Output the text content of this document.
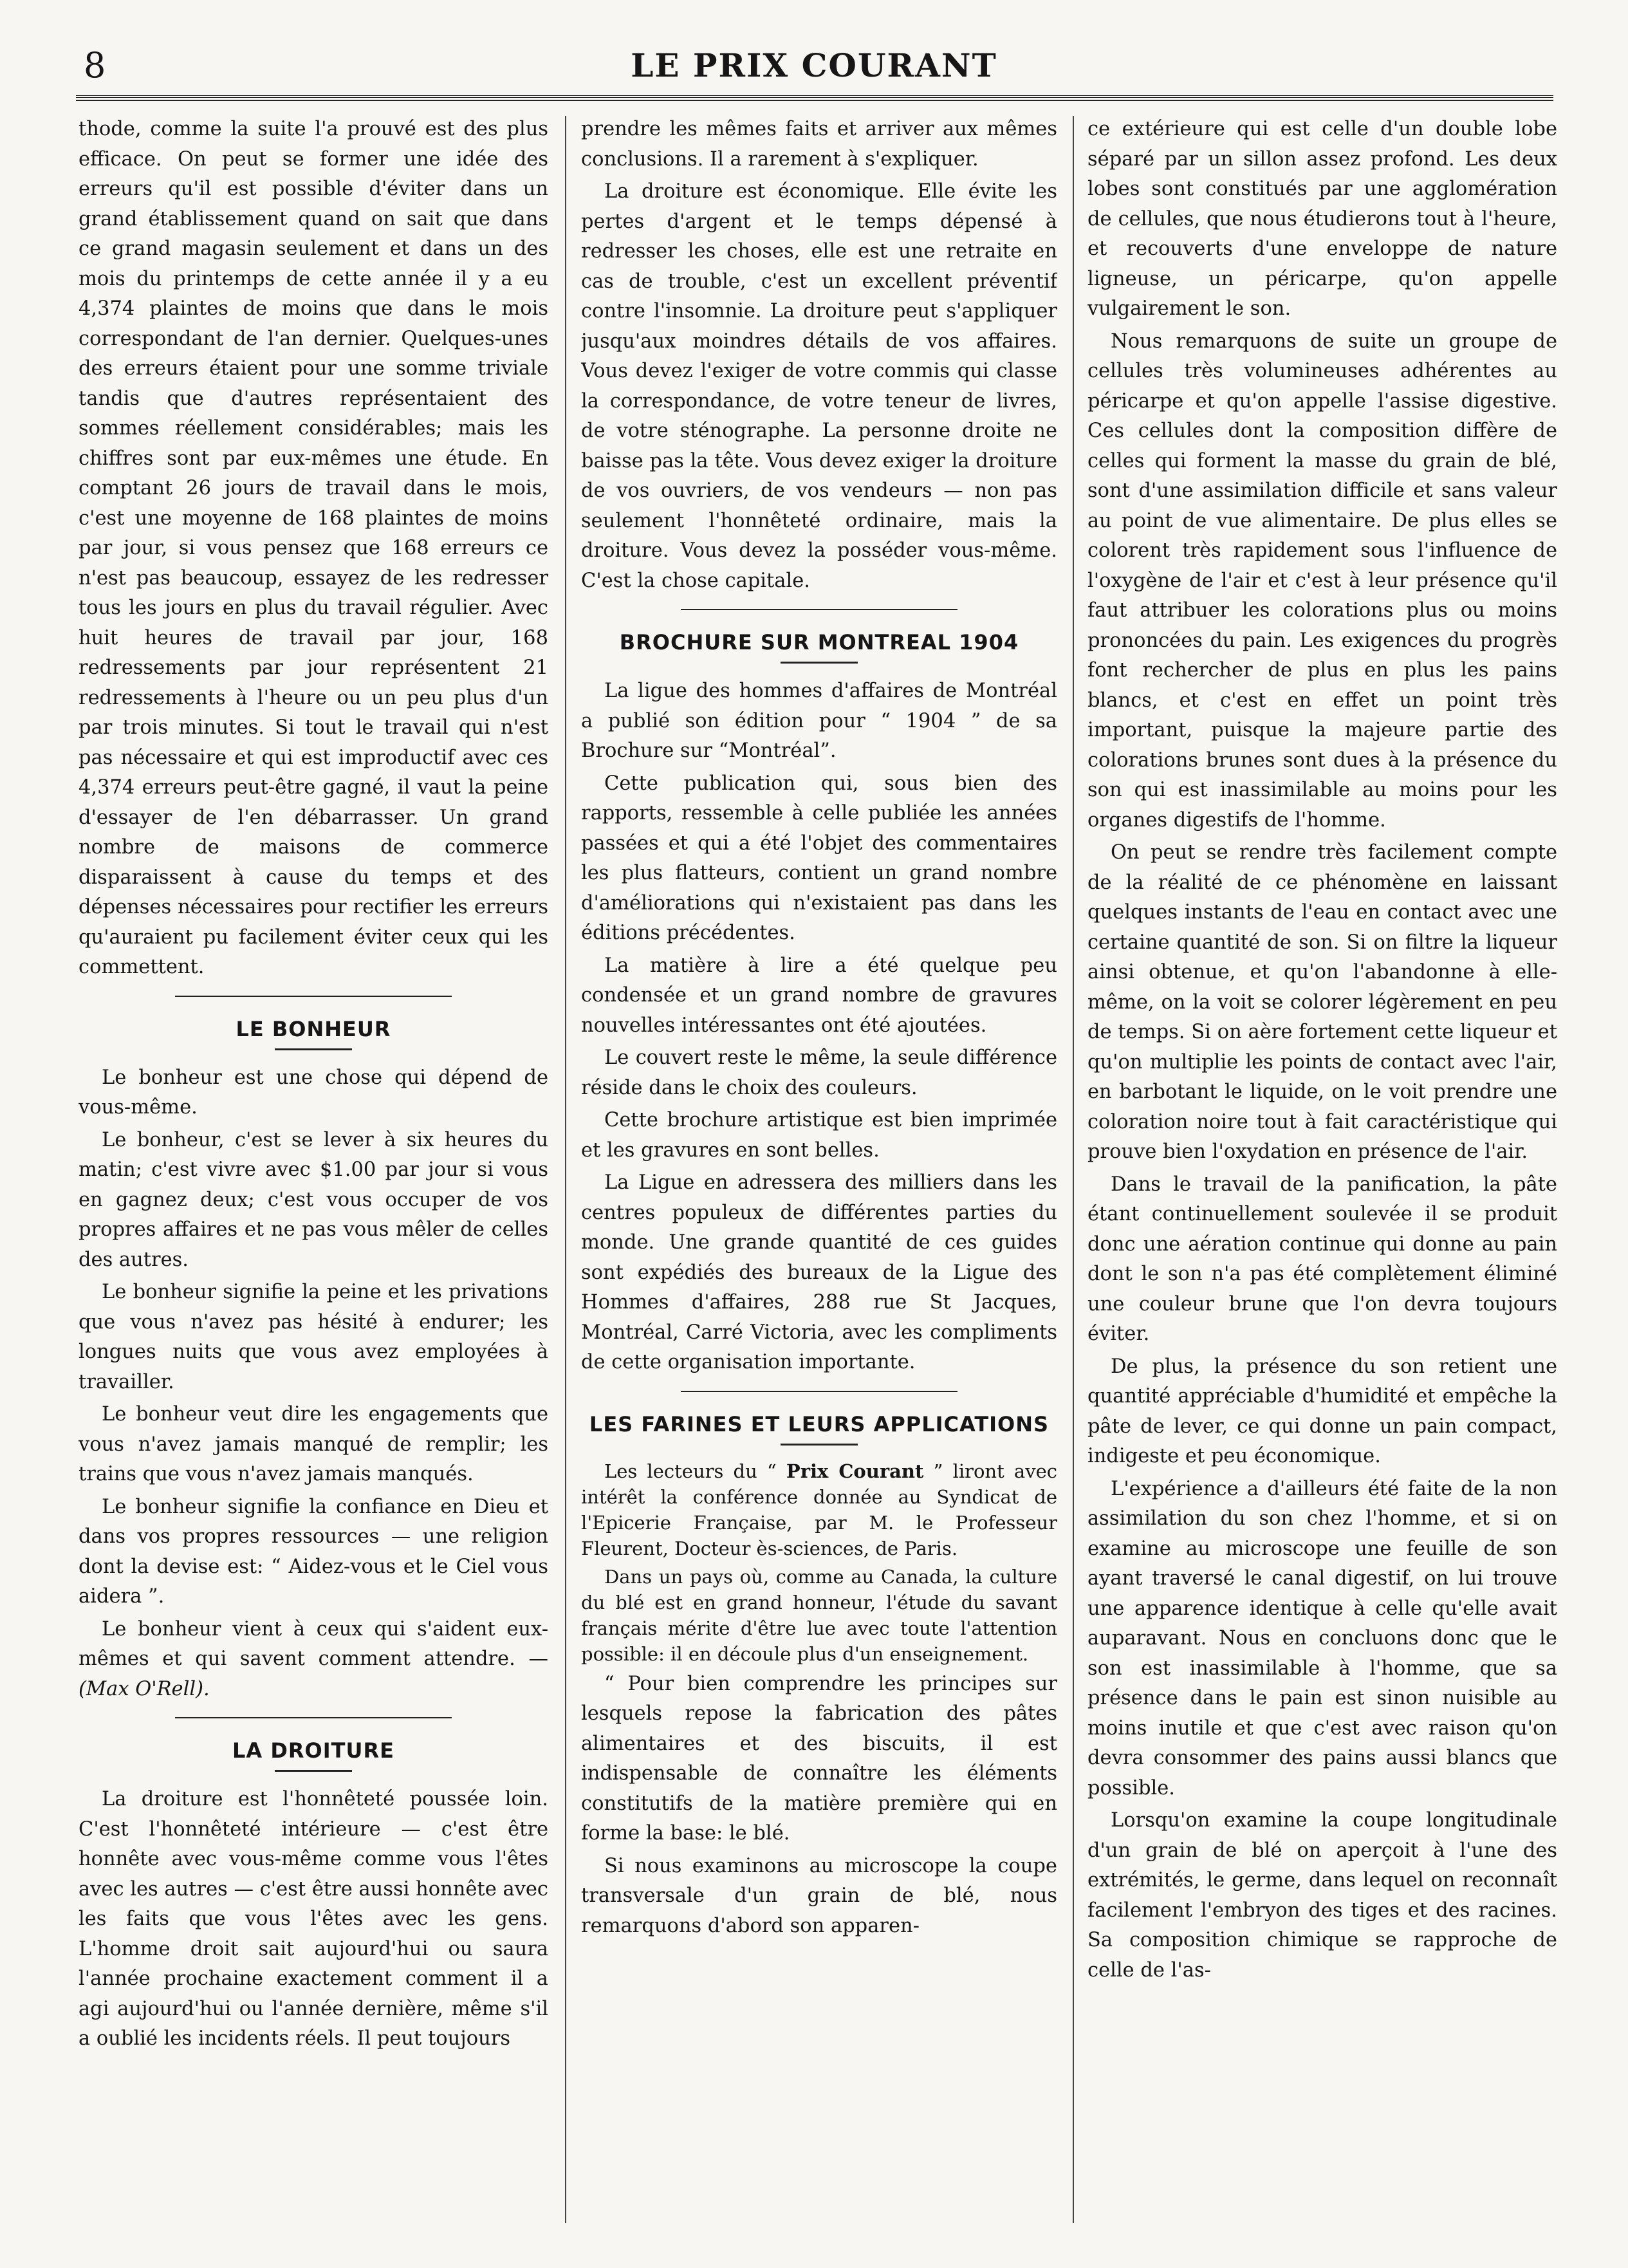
8	LE PRIX COURANT

thode, comme la suite l'a prouvé est des plus efficace. On peut se former une idée des erreurs qu'il est possible d'éviter dans un grand établissement quand on sait que dans ce grand magasin seulement et dans un des mois du printemps de cette année il y a eu 4,374 plaintes de moins que dans le mois correspondant de l'an dernier. Quelques-unes des erreurs étaient pour une somme triviale tandis que d'autres représentaient des sommes réellement considérables; mais les chiffres sont par eux-mêmes une étude. En comptant 26 jours de travail dans le mois, c'est une moyenne de 168 plaintes de moins par jour, si vous pensez que 168 erreurs ce n'est pas beaucoup, essayez de les redresser tous les jours en plus du travail régulier. Avec huit heures de travail par jour, 168 redressements par jour représentent 21 redressements à l'heure ou un peu plus d'un par trois minutes. Si tout le travail qui n'est pas nécessaire et qui est improductif avec ces 4,374 erreurs peut-être gagné, il vaut la peine d'essayer de l'en débarrasser. Un grand nombre de maisons de commerce disparaissent à cause du temps et des dépenses nécessaires pour rectifier les erreurs qu'auraient pu facilement éviter ceux qui les commettent.

LE BONHEUR

Le bonheur est une chose qui dépend de vous-même.

Le bonheur, c'est se lever à six heures du matin; c'est vivre avec $1.00 par jour si vous en gagnez deux; c'est vous occuper de vos propres affaires et ne pas vous mêler de celles des autres.

Le bonheur signifie la peine et les privations que vous n'avez pas hésité à endurer; les longues nuits que vous avez employées à travailler.

Le bonheur veut dire les engagements que vous n'avez jamais manqué de remplir; les trains que vous n'avez jamais manqués.

Le bonheur signifie la confiance en Dieu et dans vos propres ressources — une religion dont la devise est: “ Aidez-vous et le Ciel vous aidera ”.

Le bonheur vient à ceux qui s'aident eux-mêmes et qui savent comment attendre. — (Max O'Rell).

LA DROITURE

La droiture est l'honnêteté poussée loin. C'est l'honnêteté intérieure — c'est être honnête avec vous-même comme vous l'êtes avec les autres — c'est être aussi honnête avec les faits que vous l'êtes avec les gens. L'homme droit sait aujourd'hui ou saura l'année prochaine exactement comment il a agi aujourd'hui ou l'année dernière, même s'il a oublié les incidents réels. Il peut toujours

prendre les mêmes faits et arriver aux mêmes conclusions. Il a rarement à s'expliquer.

La droiture est économique. Elle évite les pertes d'argent et le temps dépensé à redresser les choses, elle est une retraite en cas de trouble, c'est un excellent préventif contre l'insomnie. La droiture peut s'appliquer jusqu'aux moindres détails de vos affaires. Vous devez l'exiger de votre commis qui classe la correspondance, de votre teneur de livres, de votre sténographe. La personne droite ne baisse pas la tête. Vous devez exiger la droiture de vos ouvriers, de vos vendeurs — non pas seulement l'honnêteté ordinaire, mais la droiture. Vous devez la posséder vous-même. C'est la chose capitale.

BROCHURE SUR MONTREAL 1904

La ligue des hommes d'affaires de Montréal a publié son édition pour “ 1904 ” de sa Brochure sur “Montréal”.

Cette publication qui, sous bien des rapports, ressemble à celle publiée les années passées et qui a été l'objet des commentaires les plus flatteurs, contient un grand nombre d'améliorations qui n'existaient pas dans les éditions précédentes.

La matière à lire a été quelque peu condensée et un grand nombre de gravures nouvelles intéressantes ont été ajoutées.

Le couvert reste le même, la seule différence réside dans le choix des couleurs.

Cette brochure artistique est bien imprimée et les gravures en sont belles.

La Ligue en adressera des milliers dans les centres populeux de différentes parties du monde. Une grande quantité de ces guides sont expédiés des bureaux de la Ligue des Hommes d'affaires, 288 rue St Jacques, Montréal, Carré Victoria, avec les compliments de cette organisation importante.

LES FARINES ET LEURS APPLICATIONS

Les lecteurs du “ Prix Courant ” liront avec intérêt la conférence donnée au Syndicat de l'Epicerie Française, par M. le Professeur Fleurent, Docteur ès-sciences, de Paris.

Dans un pays où, comme au Canada, la culture du blé est en grand honneur, l'étude du savant français mérite d'être lue avec toute l'attention possible: il en découle plus d'un enseignement.

“ Pour bien comprendre les principes sur lesquels repose la fabrication des pâtes alimentaires et des biscuits, il est indispensable de connaître les éléments constitutifs de la matière première qui en forme la base: le blé.

Si nous examinons au microscope la coupe transversale d'un grain de blé, nous remarquons d'abord son apparen-

ce extérieure qui est celle d'un double lobe séparé par un sillon assez profond. Les deux lobes sont constitués par une agglomération de cellules, que nous étudierons tout à l'heure, et recouverts d'une enveloppe de nature ligneuse, un péricarpe, qu'on appelle vulgairement le son.

Nous remarquons de suite un groupe de cellules très volumineuses adhérentes au péricarpe et qu'on appelle l'assise digestive. Ces cellules dont la composition diffère de celles qui forment la masse du grain de blé, sont d'une assimilation difficile et sans valeur au point de vue alimentaire. De plus elles se colorent très rapidement sous l'influence de l'oxygène de l'air et c'est à leur présence qu'il faut attribuer les colorations plus ou moins prononcées du pain. Les exigences du progrès font rechercher de plus en plus les pains blancs, et c'est en effet un point très important, puisque la majeure partie des colorations brunes sont dues à la présence du son qui est inassimilable au moins pour les organes digestifs de l'homme.

On peut se rendre très facilement compte de la réalité de ce phénomène en laissant quelques instants de l'eau en contact avec une certaine quantité de son. Si on filtre la liqueur ainsi obtenue, et qu'on l'abandonne à elle-même, on la voit se colorer légèrement en peu de temps. Si on aère fortement cette liqueur et qu'on multiplie les points de contact avec l'air, en barbotant le liquide, on le voit prendre une coloration noire tout à fait caractéristique qui prouve bien l'oxydation en présence de l'air.

Dans le travail de la panification, la pâte étant continuellement soulevée il se produit donc une aération continue qui donne au pain dont le son n'a pas été complètement éliminé une couleur brune que l'on devra toujours éviter.

De plus, la présence du son retient une quantité appréciable d'humidité et empêche la pâte de lever, ce qui donne un pain compact, indigeste et peu économique.

L'expérience a d'ailleurs été faite de la non assimilation du son chez l'homme, et si on examine au microscope une feuille de son ayant traversé le canal digestif, on lui trouve une apparence identique à celle qu'elle avait auparavant. Nous en concluons donc que le son est inassimilable à l'homme, que sa présence dans le pain est sinon nuisible au moins inutile et que c'est avec raison qu'on devra consommer des pains aussi blancs que possible.

Lorsqu'on examine la coupe longitudinale d'un grain de blé on aperçoit à l'une des extrémités, le germe, dans lequel on reconnaît facilement l'embryon des tiges et des racines. Sa composition chimique se rapproche de celle de l'as-
